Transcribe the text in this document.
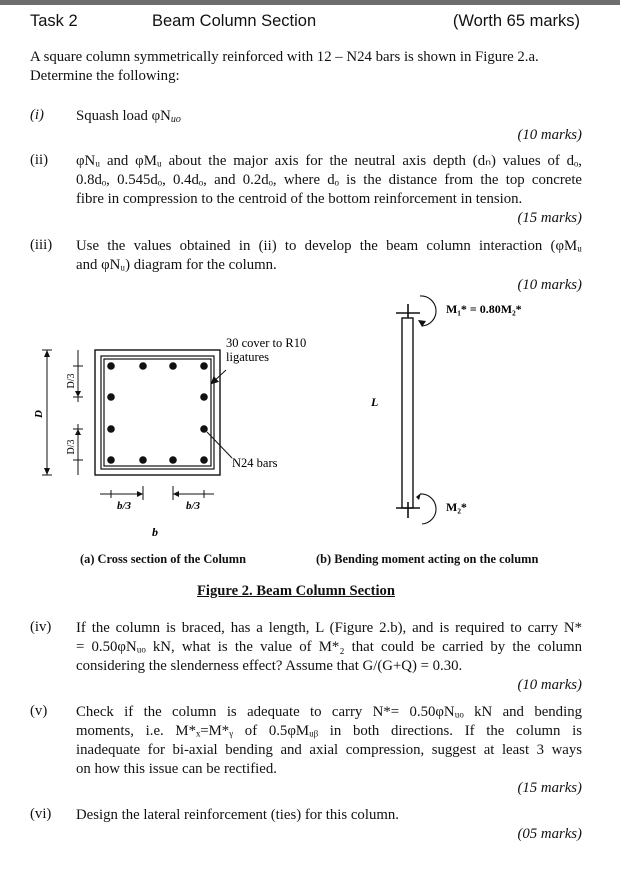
Task 2	Beam Column Section	(Worth 65 marks)
A square column symmetrically reinforced with 12 – N24 bars is shown in Figure 2.a.
Determine the following:
(i) Squash load φNuo
(10 marks)
(ii) φNᵤ and φMᵤ about the major axis for the neutral axis depth (dₙ) values of dₒ,
0.8dₒ, 0.545dₒ, 0.4dₒ, and 0.2dₒ, where dₒ is the distance from the top concrete
fibre in compression to the centroid of the bottom reinforcement in tension.
(15 marks)
(iii) Use the values obtained in (ii) to develop the beam column interaction (φMᵤ
and φNᵤ) diagram for the column.
(10 marks)
30 cover to R10
ligatures
N24 bars
D
D/3
D/3
b/3	b/3
b
L
M₁* = 0.80M₂*
M₂*
(a) Cross section of the Column	(b) Bending moment acting on the column
Figure 2. Beam Column Section
(iv) If the column is braced, has a length, L (Figure 2.b), and is required to carry N*
= 0.50φNᵤₒ kN, what is the value of M*₂ that could be carried by the column
considering the slenderness effect? Assume that G/(G+Q) = 0.30.
(10 marks)
(v) Check if the column is adequate to carry N*= 0.50φNᵤₒ kN and bending
moments, i.e. M*ₓ=M*ᵧ of 0.5φMᵤᵦ in both directions. If the column is
inadequate for bi-axial bending and axial compression, suggest at least 3 ways
on how this issue can be rectified.
(15 marks)
(vi) Design the lateral reinforcement (ties) for this column.
(05 marks)
